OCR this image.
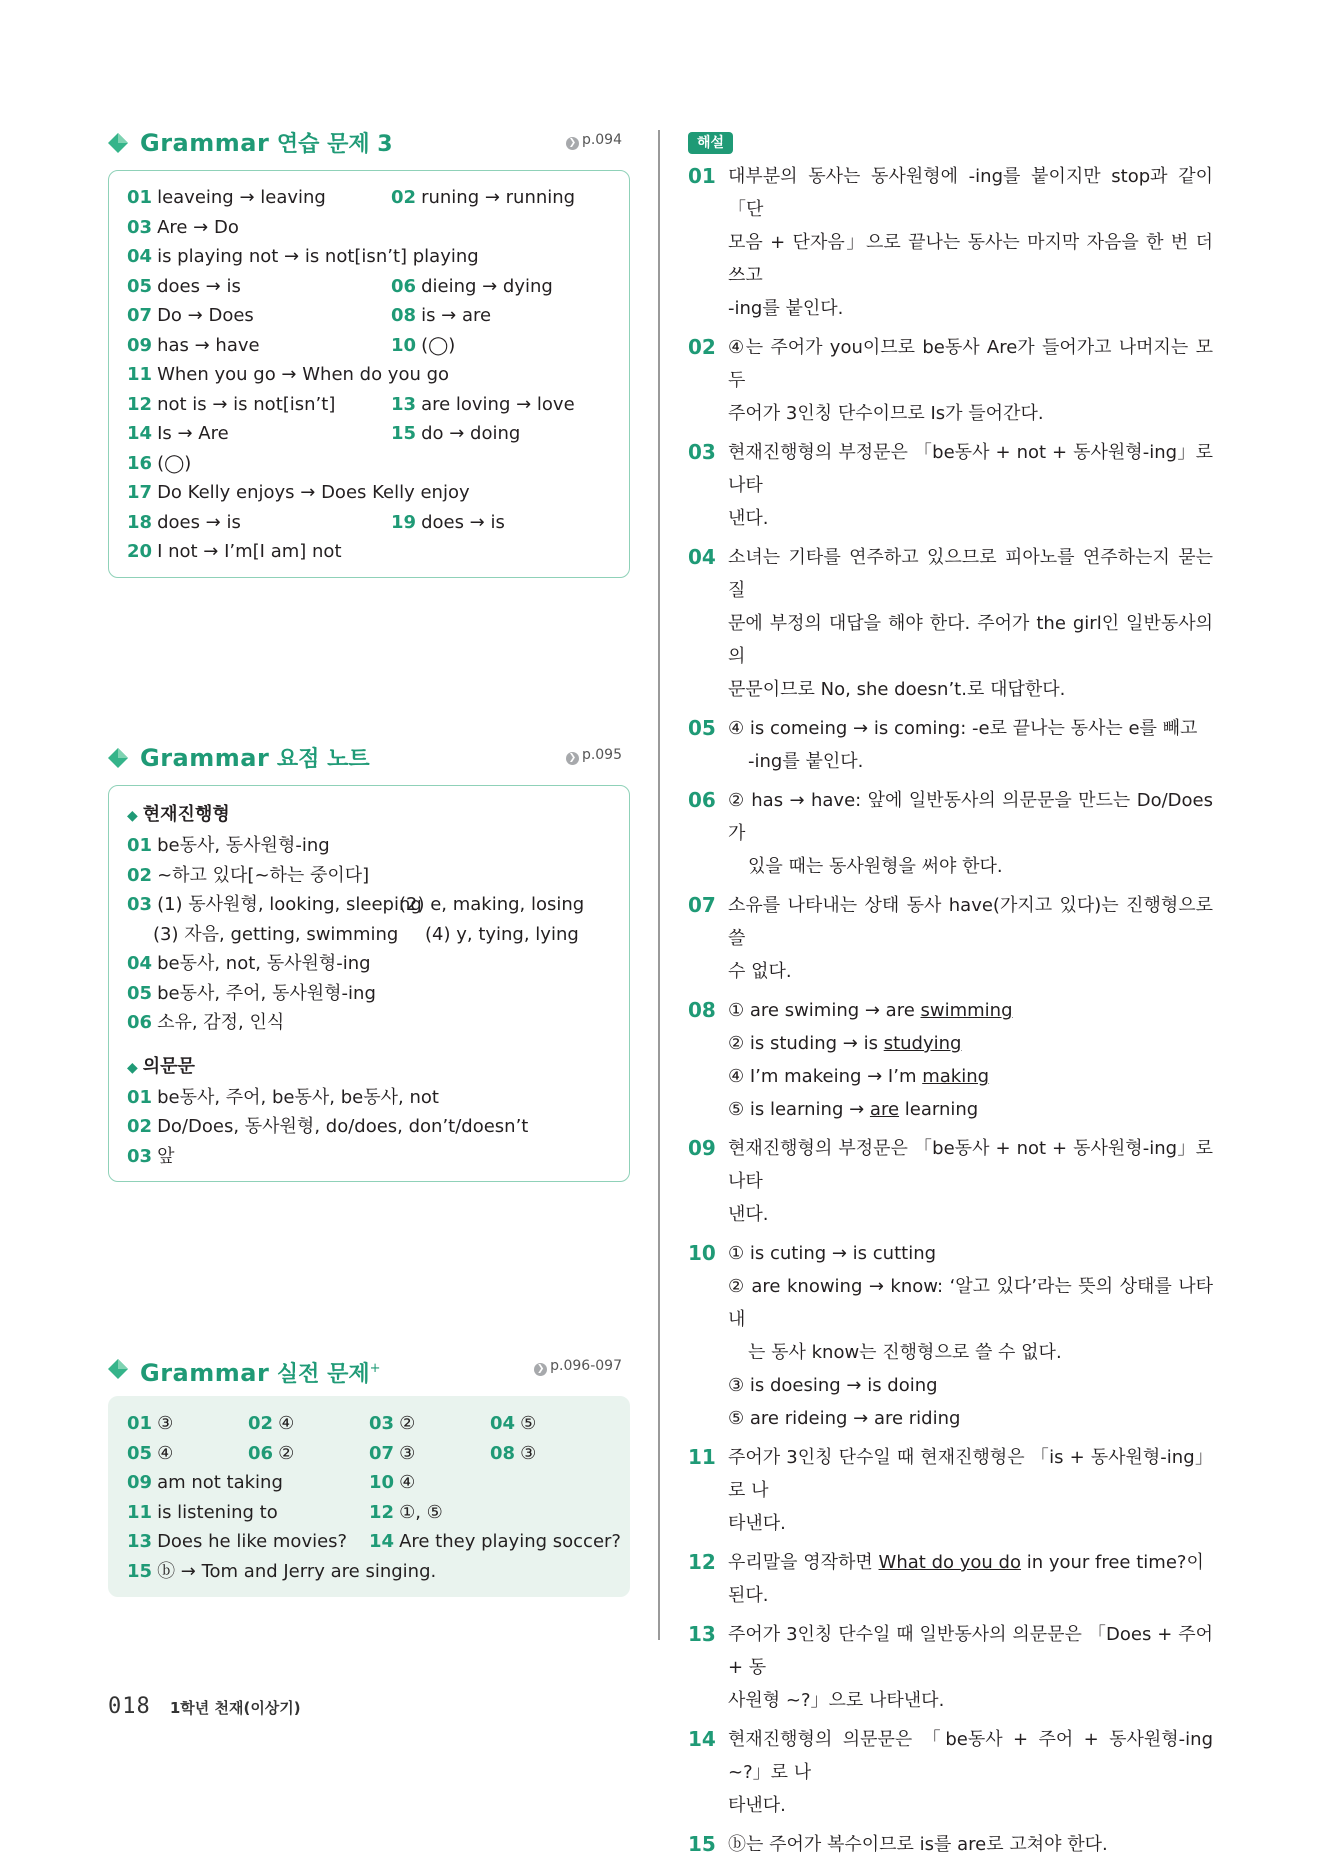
Grammar 연습 문제 3	❯ p.094
01 leaveing → leaving	02 runing → running
03 Are → Do
04 is playing not → is not[isn’t] playing
05 does → is	06 dieing → dying
07 Do → Does	08 is → are
09 has → have	10 (◯)
11 When you go → When do you go
12 not is → is not[isn’t]	13 are loving → love
14 Is → Are	15 do → doing
16 (◯)
17 Do Kelly enjoys → Does Kelly enjoy
18 does → is	19 does → is
20 I not → I’m[I am] not
Grammar 요점 노트	❯ p.095
◆ 현재진행형
01 be동사, 동사원형-ing
02 ~하고 있다[~하는 중이다]
03 (1) 동사원형, looking, sleeping
(2) e, making, losing
(3) 자음, getting, swimming	(4) y, tying, lying
04 be동사, not, 동사원형-ing
05 be동사, 주어, 동사원형-ing
06 소유, 감정, 인식
◆ 의문문
01 be동사, 주어, be동사, be동사, not
02 Do/Does, 동사원형, do/does, don’t/doesn’t
03 앞
Grammar 실전 문제+	❯ p.096-097
01 ③	02 ④	03 ②	04 ⑤
05 ④	06 ②	07 ③	08 ③
09 am not taking	10 ④
11 is listening to	12 ①, ⑤
13 Does he like movies?	14 Are they playing soccer?
15 ⓑ → Tom and Jerry are singing.
해설
01 대부분의 동사는 동사원형에 -ing를 붙이지만 stop과 같이 「단
모음 + 단자음」으로 끝나는 동사는 마지막 자음을 한 번 더 쓰고
-ing를 붙인다.
02 ④는 주어가 you이므로 be동사 Are가 들어가고 나머지는 모두
주어가 3인칭 단수이므로 Is가 들어간다.
03 현재진행형의 부정문은 「be동사 + not + 동사원형-ing」로 나타
낸다.
04 소녀는 기타를 연주하고 있으므로 피아노를 연주하는지 묻는 질
문에 부정의 대답을 해야 한다. 주어가 the girl인 일반동사의 의
문문이므로 No, she doesn’t.로 대답한다.
05 ④ is comeing → is coming: -e로 끝나는 동사는 e를 빼고
-ing를 붙인다.
06 ② has → have: 앞에 일반동사의 의문문을 만드는 Do/Does가
있을 때는 동사원형을 써야 한다.
07 소유를 나타내는 상태 동사 have(가지고 있다)는 진행형으로 쓸
수 없다.
08 ① are swiming → are swimming
② is studing → is studying
④ I’m makeing → I’m making
⑤ is learning → are learning
09 현재진행형의 부정문은 「be동사 + not + 동사원형-ing」로 나타
낸다.
10 ① is cuting → is cutting
② are knowing → know: ‘알고 있다’라는 뜻의 상태를 나타내
는 동사 know는 진행형으로 쓸 수 없다.
③ is doesing → is doing
⑤ are rideing → are riding
11 주어가 3인칭 단수일 때 현재진행형은 「is + 동사원형-ing」로 나
타낸다.
12 우리말을 영작하면 What do you do in your free time?이
된다.
13 주어가 3인칭 단수일 때 일반동사의 의문문은 「Does + 주어 + 동
사원형 ~?」으로 나타낸다.
14 현재진행형의 의문문은 「be동사 + 주어 + 동사원형-ing ~?」로 나
타낸다.
15 ⓑ는 주어가 복수이므로 is를 are로 고쳐야 한다.
018 1학년 천재(이상기)
